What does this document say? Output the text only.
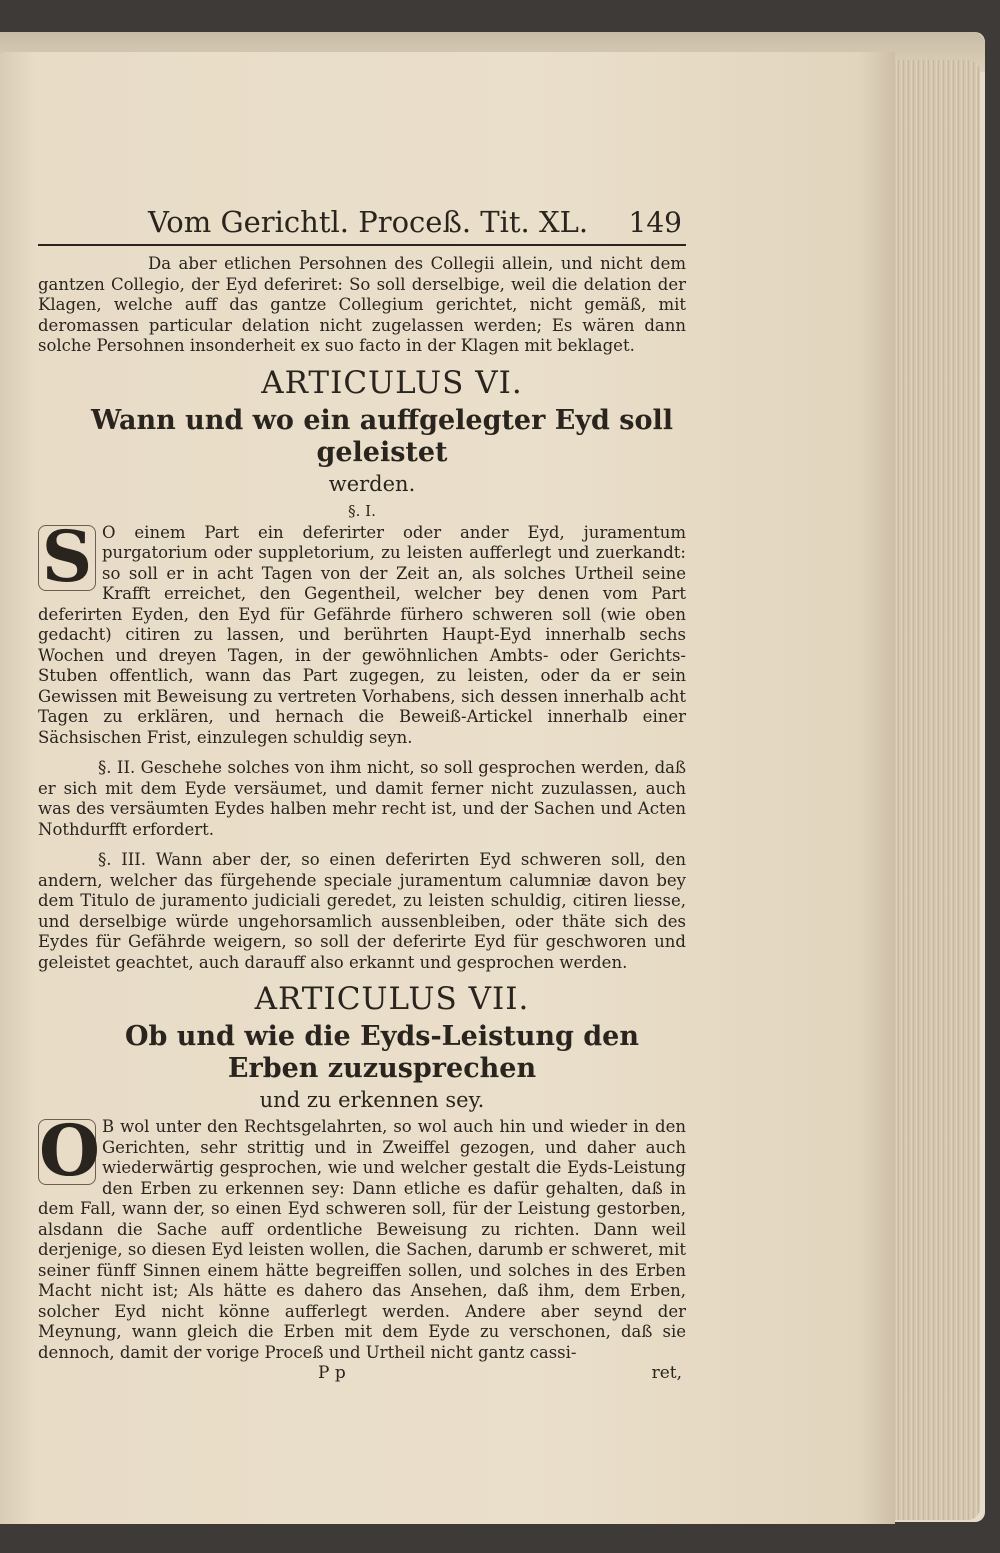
Vom Gerichtl. Proceß. Tit. XL. 149

Da aber etlichen Persohnen des Collegii allein, und nicht dem gantzen Collegio, der Eyd deferiret: So soll derselbige, weil die delation der Klagen, welche auff das gantze Collegium gerichtet, nicht gemäß, mit deromassen particular delation nicht zugelassen werden; Es wären dann solche Persohnen insonderheit ex suo facto in der Klagen mit beklaget.

ARTICULUS VI.
Wann und wo ein auffgelegter Eyd soll geleistet
werden.
§. I.
S O einem Part ein deferirter oder ander Eyd, juramentum purgatorium oder suppletorium, zu leisten aufferlegt und zuerkandt: so soll er in acht Tagen von der Zeit an, als solches Urtheil seine Krafft erreichet, den Gegentheil, welcher bey denen vom Part deferirten Eyden, den Eyd für Gefährde fürhero schweren soll (wie oben gedacht) citiren zu lassen, und berührten Haupt-Eyd innerhalb sechs Wochen und dreyen Tagen, in der gewöhnlichen Ambts- oder Gerichts-Stuben offentlich, wann das Part zugegen, zu leisten, oder da er sein Gewissen mit Beweisung zu vertreten Vorhabens, sich dessen innerhalb acht Tagen zu erklären, und hernach die Beweiß-Artickel innerhalb einer Sächsischen Frist, einzulegen schuldig seyn.

§. II. Geschehe solches von ihm nicht, so soll gesprochen werden, daß er sich mit dem Eyde versäumet, und damit ferner nicht zuzulassen, auch was des versäumten Eydes halben mehr recht ist, und der Sachen und Acten Nothdurfft erfordert.

§. III. Wann aber der, so einen deferirten Eyd schweren soll, den andern, welcher das fürgehende speciale juramentum calumniæ davon bey dem Titulo de juramento judiciali geredet, zu leisten schuldig, citiren liesse, und derselbige würde ungehorsamlich aussenbleiben, oder thäte sich des Eydes für Gefährde weigern, so soll der deferirte Eyd für geschworen und geleistet geachtet, auch darauff also erkannt und gesprochen werden.

ARTICULUS VII.
Ob und wie die Eyds-Leistung den Erben zuzusprechen
und zu erkennen sey.
O B wol unter den Rechtsgelahrten, so wol auch hin und wieder in den Gerichten, sehr strittig und in Zweiffel gezogen, und daher auch wiederwärtig gesprochen, wie und welcher gestalt die Eyds-Leistung den Erben zu erkennen sey: Dann etliche es dafür gehalten, daß in dem Fall, wann der, so einen Eyd schweren soll, für der Leistung gestorben, alsdann die Sache auff ordentliche Beweisung zu richten. Dann weil derjenige, so diesen Eyd leisten wollen, die Sachen, darumb er schweret, mit seiner fünff Sinnen einem hätte begreiffen sollen, und solches in des Erben Macht nicht ist; Als hätte es dahero das Ansehen, daß ihm, dem Erben, solcher Eyd nicht könne aufferlegt werden. Andere aber seynd der Meynung, wann gleich die Erben mit dem Eyde zu verschonen, daß sie dennoch, damit der vorige Proceß und Urtheil nicht gantz cassi-

P p	ret,
